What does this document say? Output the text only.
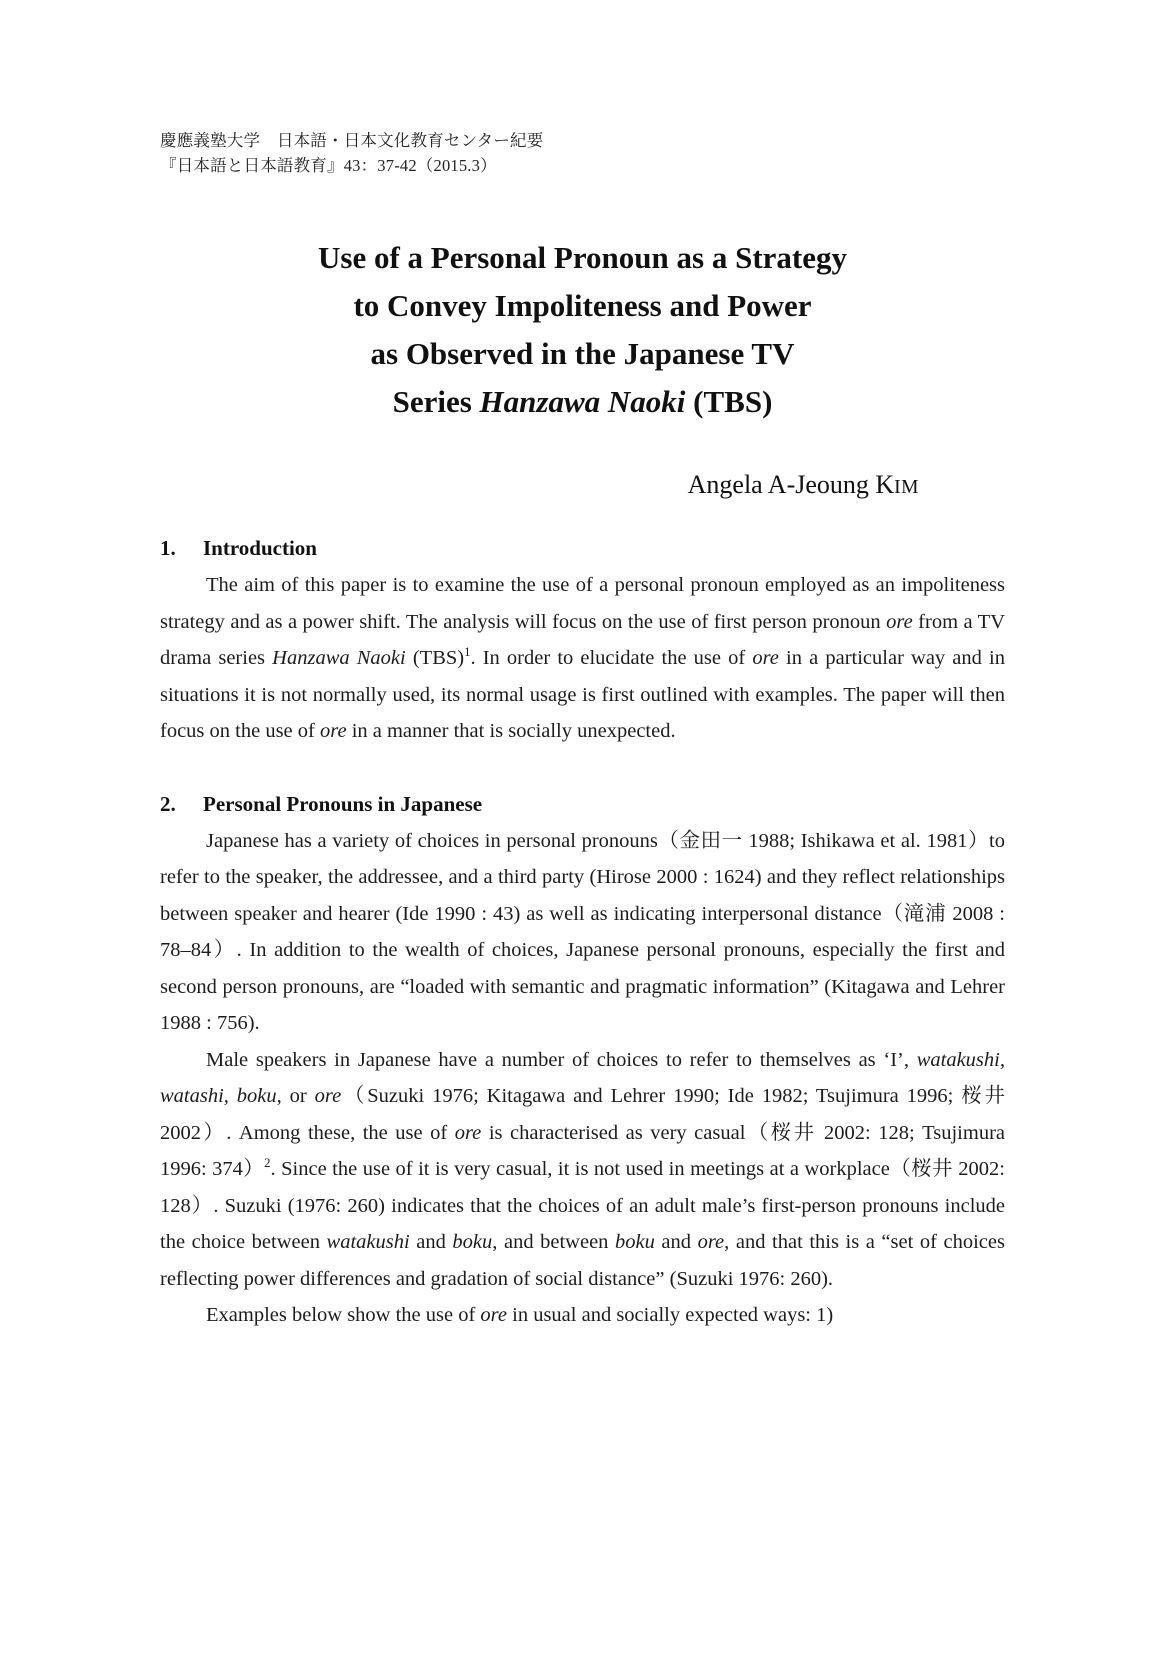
慶應義塾大学　日本語・日本文化教育センター紀要
『日本語と日本語教育』43：37-42（2015.3）
Use of a Personal Pronoun as a Strategy
to Convey Impoliteness and Power
as Observed in the Japanese TV
Series Hanzawa Naoki (TBS)
Angela A-Jeoung KIM
1. Introduction

The aim of this paper is to examine the use of a personal pronoun employed as an impoliteness strategy and as a power shift. The analysis will focus on the use of first person pronoun ore from a TV drama series Hanzawa Naoki (TBS)$^1$. In order to elucidate the use of ore in a particular way and in situations it is not normally used, its normal usage is first outlined with examples. The paper will then focus on the use of ore in a manner that is socially unexpected.

2. Personal Pronouns in Japanese

Japanese has a variety of choices in personal pronouns（金田一 1988; Ishikawa et al. 1981）to refer to the speaker, the addressee, and a third party (Hirose 2000 : 1624) and they reflect relationships between speaker and hearer (Ide 1990 : 43) as well as indicating interpersonal distance（滝浦 2008 : 78–84）. In addition to the wealth of choices, Japanese personal pronouns, especially the first and second person pronouns, are “loaded with semantic and pragmatic information” (Kitagawa and Lehrer 1988 : 756).

Male speakers in Japanese have a number of choices to refer to themselves as ‘I’, watakushi, watashi, boku, or ore（Suzuki 1976; Kitagawa and Lehrer 1990; Ide 1982; Tsujimura 1996; 桜井 2002）. Among these, the use of ore is characterised as very casual（桜井 2002: 128; Tsujimura 1996: 374）$^2$. Since the use of it is very casual, it is not used in meetings at a workplace（桜井 2002: 128）. Suzuki (1976: 260) indicates that the choices of an adult male’s first-person pronouns include the choice between watakushi and boku, and between boku and ore, and that this is a “set of choices reflecting power differences and gradation of social distance” (Suzuki 1976: 260).

Examples below show the use of ore in usual and socially expected ways: 1)
